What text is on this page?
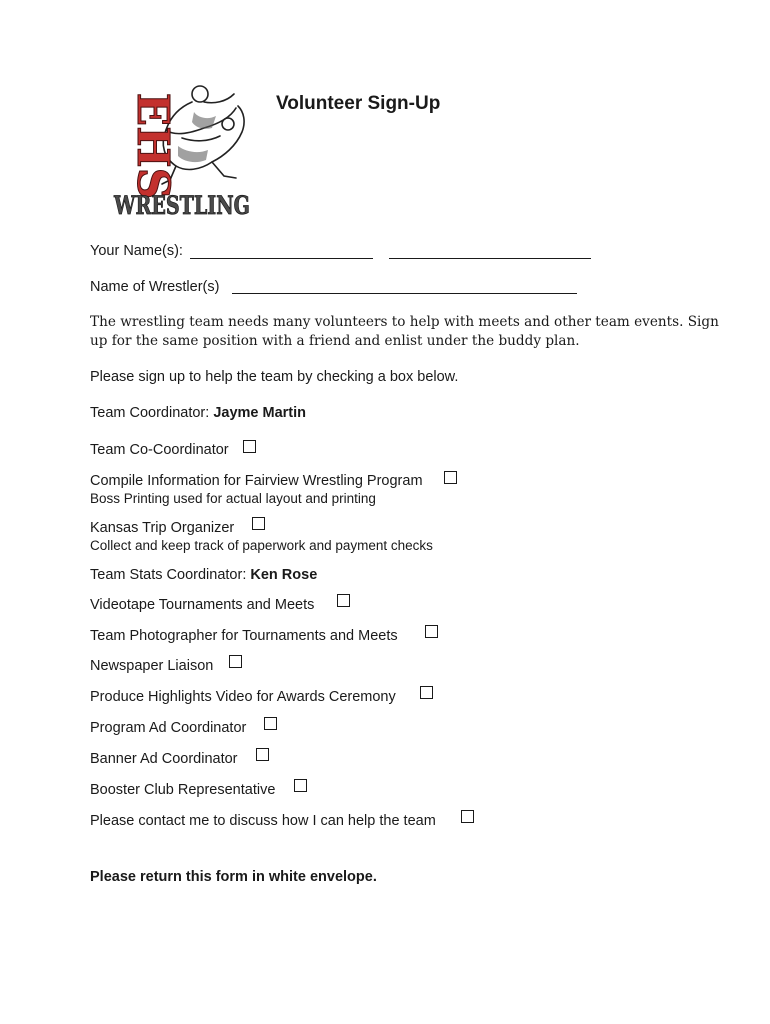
EHS
WRESTLING
Volunteer Sign-Up
Your Name(s):
Name of Wrestler(s)
The wrestling team needs many volunteers to help with meets and other team events. Sign
up for the same position with a friend and enlist under the buddy plan.
Please sign up to help the team by checking a box below.
Team Coordinator: Jayme Martin
Team Co-Coordinator
Compile Information for Fairview Wrestling Program
Boss Printing used for actual layout and printing
Kansas Trip Organizer
Collect and keep track of paperwork and payment checks
Team Stats Coordinator: Ken Rose
Videotape Tournaments and Meets
Team Photographer for Tournaments and Meets
Newspaper Liaison
Produce Highlights Video for Awards Ceremony
Program Ad Coordinator
Banner Ad Coordinator
Booster Club Representative
Please contact me to discuss how I can help the team
Please return this form in white envelope.
